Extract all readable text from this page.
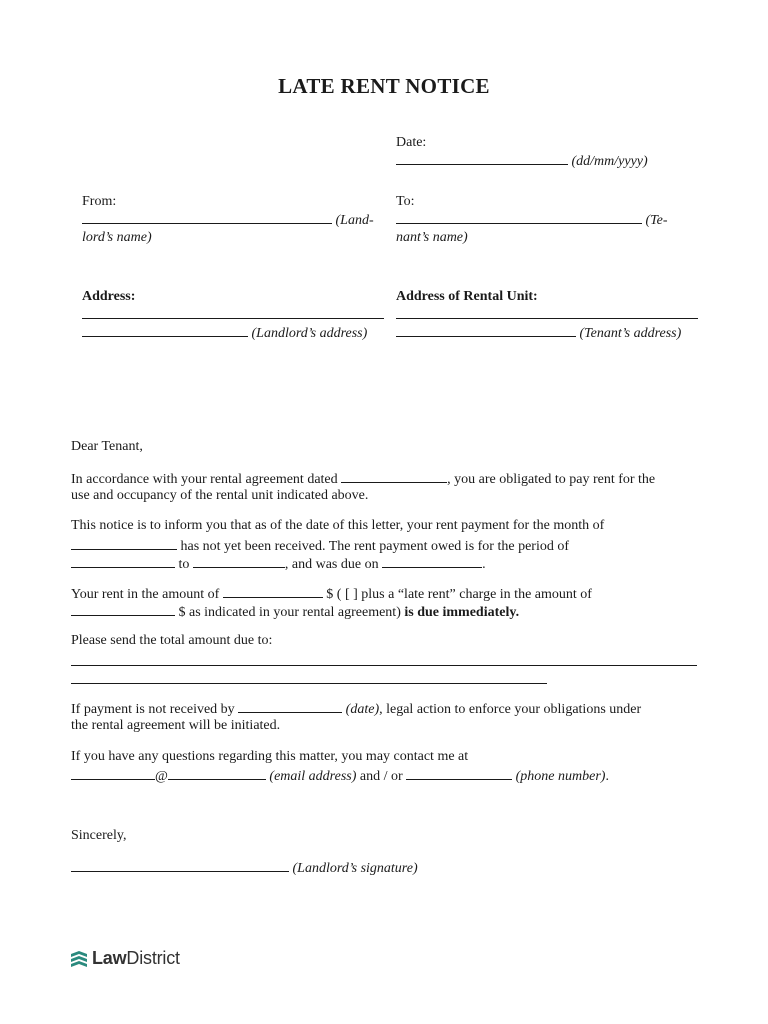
LATE RENT NOTICE
Date:
(dd/mm/yyyy)
From:
(Land-
lord’s name)
To:
(Te-
nant’s name)
Address:
(Landlord’s address)
Address of Rental Unit:
(Tenant’s address)
Dear Tenant,
In accordance with your rental agreement dated	, you are obligated to pay rent for the
use and occupancy of the rental unit indicated above.
This notice is to inform you that as of the date of this letter, your rent payment for the month of
has not yet been received. The rent payment owed is for the period of
to	, and was due on	.
Your rent in the amount of	$ ( [ ] plus a “late rent” charge in the amount of
$ as indicated in your rental agreement) is due immediately.
Please send the total amount due to:
If payment is not received by	(date), legal action to enforce your obligations under
the rental agreement will be initiated.
If you have any questions regarding this matter, you may contact me at
@	(email address) and / or	(phone number).
Sincerely,
(Landlord’s signature)
LawDistrict
